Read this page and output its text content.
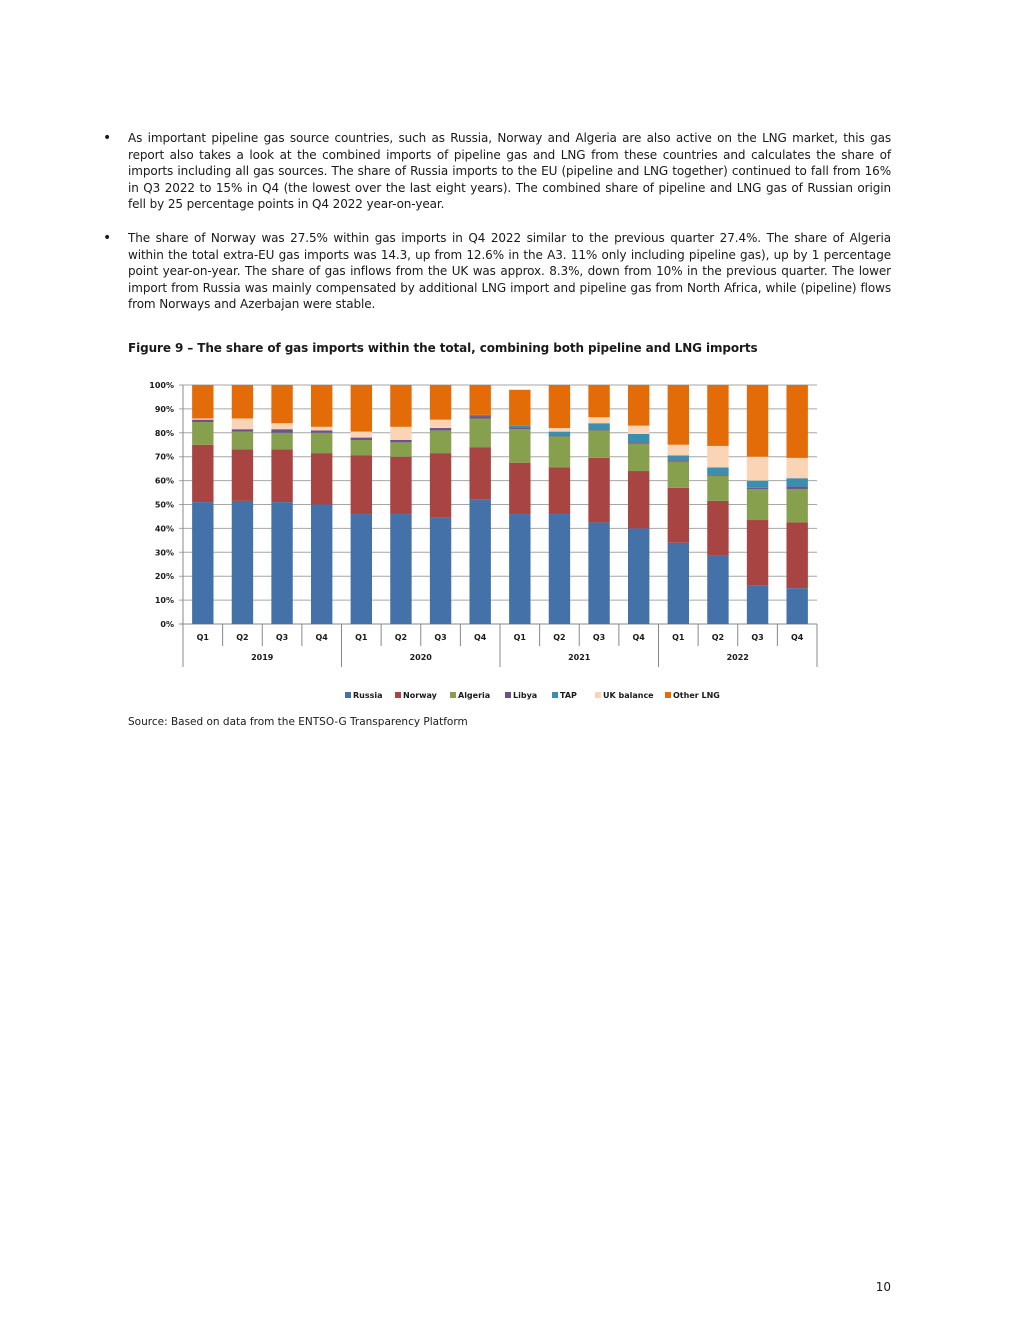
• As important pipeline gas source countries, such as Russia, Norway and Algeria are also active on the LNG market, this gas report also takes a look at the combined imports of pipeline gas and LNG from these countries and calculates the share of imports including all gas sources. The share of Russia imports to the EU (pipeline and LNG together) continued to fall from 16% in Q3 2022 to 15% in Q4 (the lowest over the last eight years). The combined share of pipeline and LNG gas of Russian origin fell by 25 percentage points in Q4 2022 year-on-year.
• The share of Norway was 27.5% within gas imports in Q4 2022 similar to the previous quarter 27.4%. The share of Algeria within the total extra-EU gas imports was 14.3, up from 12.6% in the A3. 11% only including pipeline gas), up by 1 percentage point year-on-year. The share of gas inflows from the UK was approx. 8.3%, down from 10% in the previous quarter. The lower import from Russia was mainly compensated by additional LNG import and pipeline gas from North Africa, while (pipeline) flows from Norways and Azerbajan were stable.
Figure 9 – The share of gas imports within the total, combining both pipeline and LNG imports
0%
10%
20%
30%
40%
50%
60%
70%
80%
90%
100%
Q1	Q2	Q3	Q4	Q1	Q2	Q3	Q4	Q1	Q2	Q3	Q4	Q1	Q2	Q3	Q4
2019	2020	2021	2022
Russia	Norway	Algeria	Libya	TAP	UK balance Other LNG
Source: Based on data from the ENTSO-G Transparency Platform
10
